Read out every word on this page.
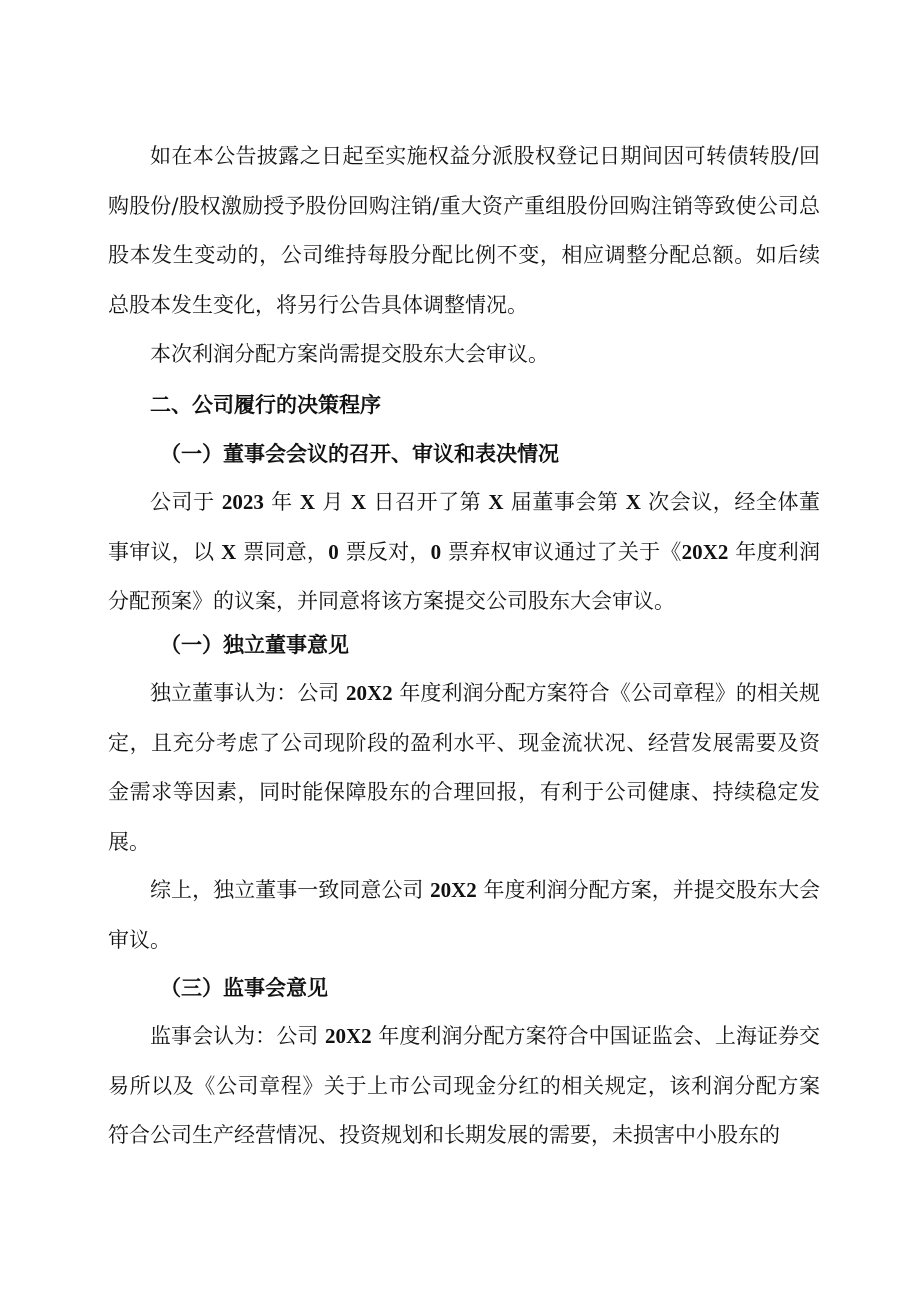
如在本公告披露之日起至实施权益分派股权登记日期间因可转债转股/回购股份/股权激励授予股份回购注销/重大资产重组股份回购注销等致使公司总股本发生变动的，公司维持每股分配比例不变，相应调整分配总额。如后续总股本发生变化，将另行公告具体调整情况。

本次利润分配方案尚需提交股东大会审议。

二、公司履行的决策程序

（一）董事会会议的召开、审议和表决情况

公司于 2023 年 X 月 X 日召开了第 X 届董事会第 X 次会议，经全体董事审议，以 X 票同意，0 票反对，0 票弃权审议通过了关于《20X2 年度利润分配预案》的议案，并同意将该方案提交公司股东大会审议。

（一）独立董事意见

独立董事认为：公司 20X2 年度利润分配方案符合《公司章程》的相关规定，且充分考虑了公司现阶段的盈利水平、现金流状况、经营发展需要及资金需求等因素，同时能保障股东的合理回报，有利于公司健康、持续稳定发展。

综上，独立董事一致同意公司 20X2 年度利润分配方案，并提交股东大会审议。

（三）监事会意见

监事会认为：公司 20X2 年度利润分配方案符合中国证监会、上海证券交易所以及《公司章程》关于上市公司现金分红的相关规定，该利润分配方案符合公司生产经营情况、投资规划和长期发展的需要，未损害中小股东的
